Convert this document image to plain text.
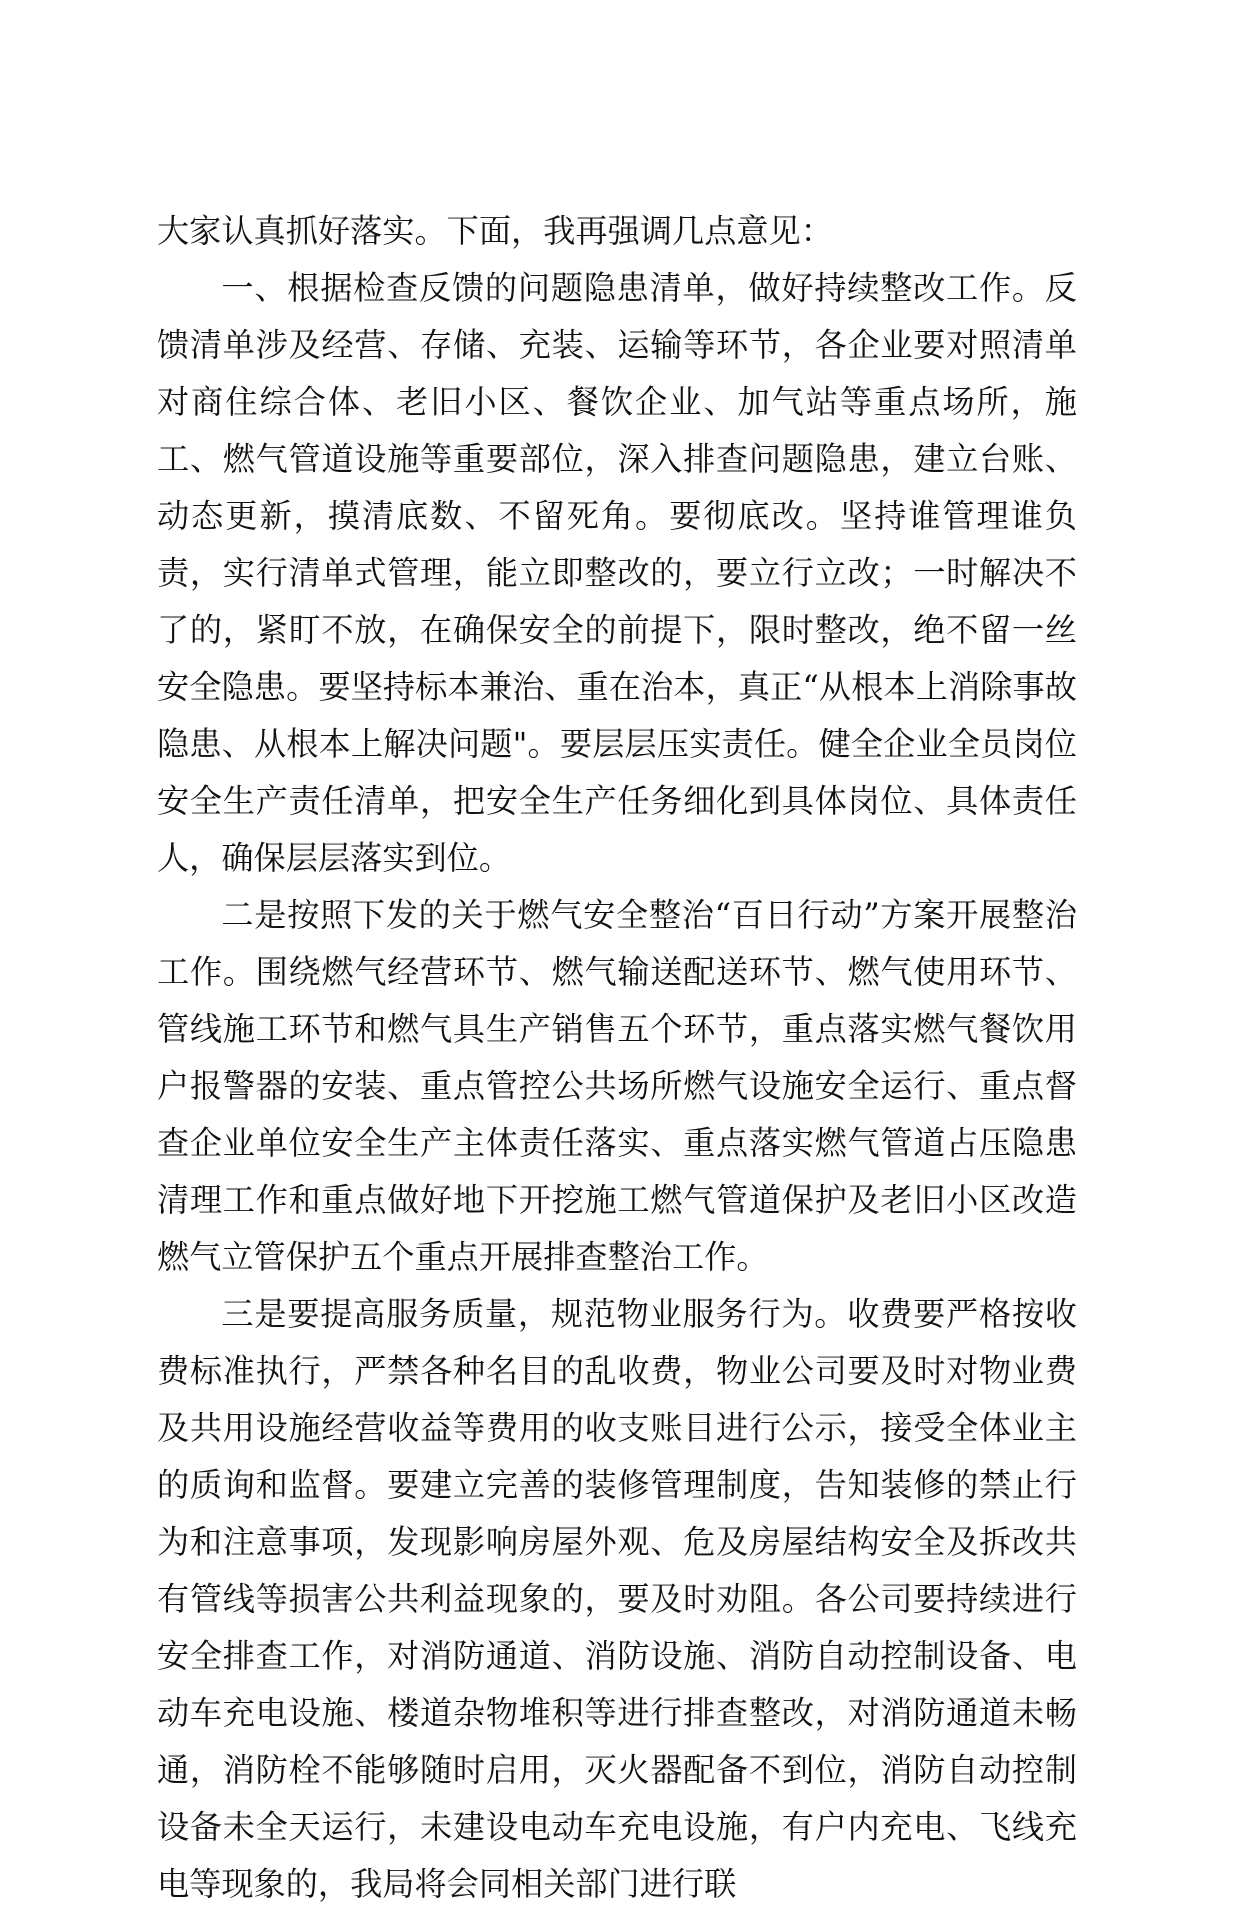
大家认真抓好落实。下面，我再强调几点意见：

一、根据检查反馈的问题隐患清单，做好持续整改工作。反馈清单涉及经营、存储、充装、运输等环节，各企业要对照清单对商住综合体、老旧小区、餐饮企业、加气站等重点场所，施工、燃气管道设施等重要部位，深入排查问题隐患，建立台账、动态更新，摸清底数、不留死角。要彻底改。坚持谁管理谁负责，实行清单式管理，能立即整改的，要立行立改；一时解决不了的，紧盯不放，在确保安全的前提下，限时整改，绝不留一丝安全隐患。要坚持标本兼治、重在治本，真正“从根本上消除事故隐患、从根本上解决问题"。要层层压实责任。健全企业全员岗位安全生产责任清单，把安全生产任务细化到具体岗位、具体责任人，确保层层落实到位。

二是按照下发的关于燃气安全整治“百日行动”方案开展整治工作。围绕燃气经营环节、燃气输送配送环节、燃气使用环节、管线施工环节和燃气具生产销售五个环节，重点落实燃气餐饮用户报警器的安装、重点管控公共场所燃气设施安全运行、重点督查企业单位安全生产主体责任落实、重点落实燃气管道占压隐患清理工作和重点做好地下开挖施工燃气管道保护及老旧小区改造燃气立管保护五个重点开展排查整治工作。

三是要提高服务质量，规范物业服务行为。收费要严格按收费标准执行，严禁各种名目的乱收费，物业公司要及时对物业费及共用设施经营收益等费用的收支账目进行公示，接受全体业主的质询和监督。要建立完善的装修管理制度，告知装修的禁止行为和注意事项，发现影响房屋外观、危及房屋结构安全及拆改共有管线等损害公共利益现象的，要及时劝阻。各公司要持续进行安全排查工作，对消防通道、消防设施、消防自动控制设备、电动车充电设施、楼道杂物堆积等进行排查整改，对消防通道未畅通，消防栓不能够随时启用，灭火器配备不到位，消防自动控制设备未全天运行，未建设电动车充电设施，有户内充电、飞线充电等现象的，我局将会同相关部门进行联
